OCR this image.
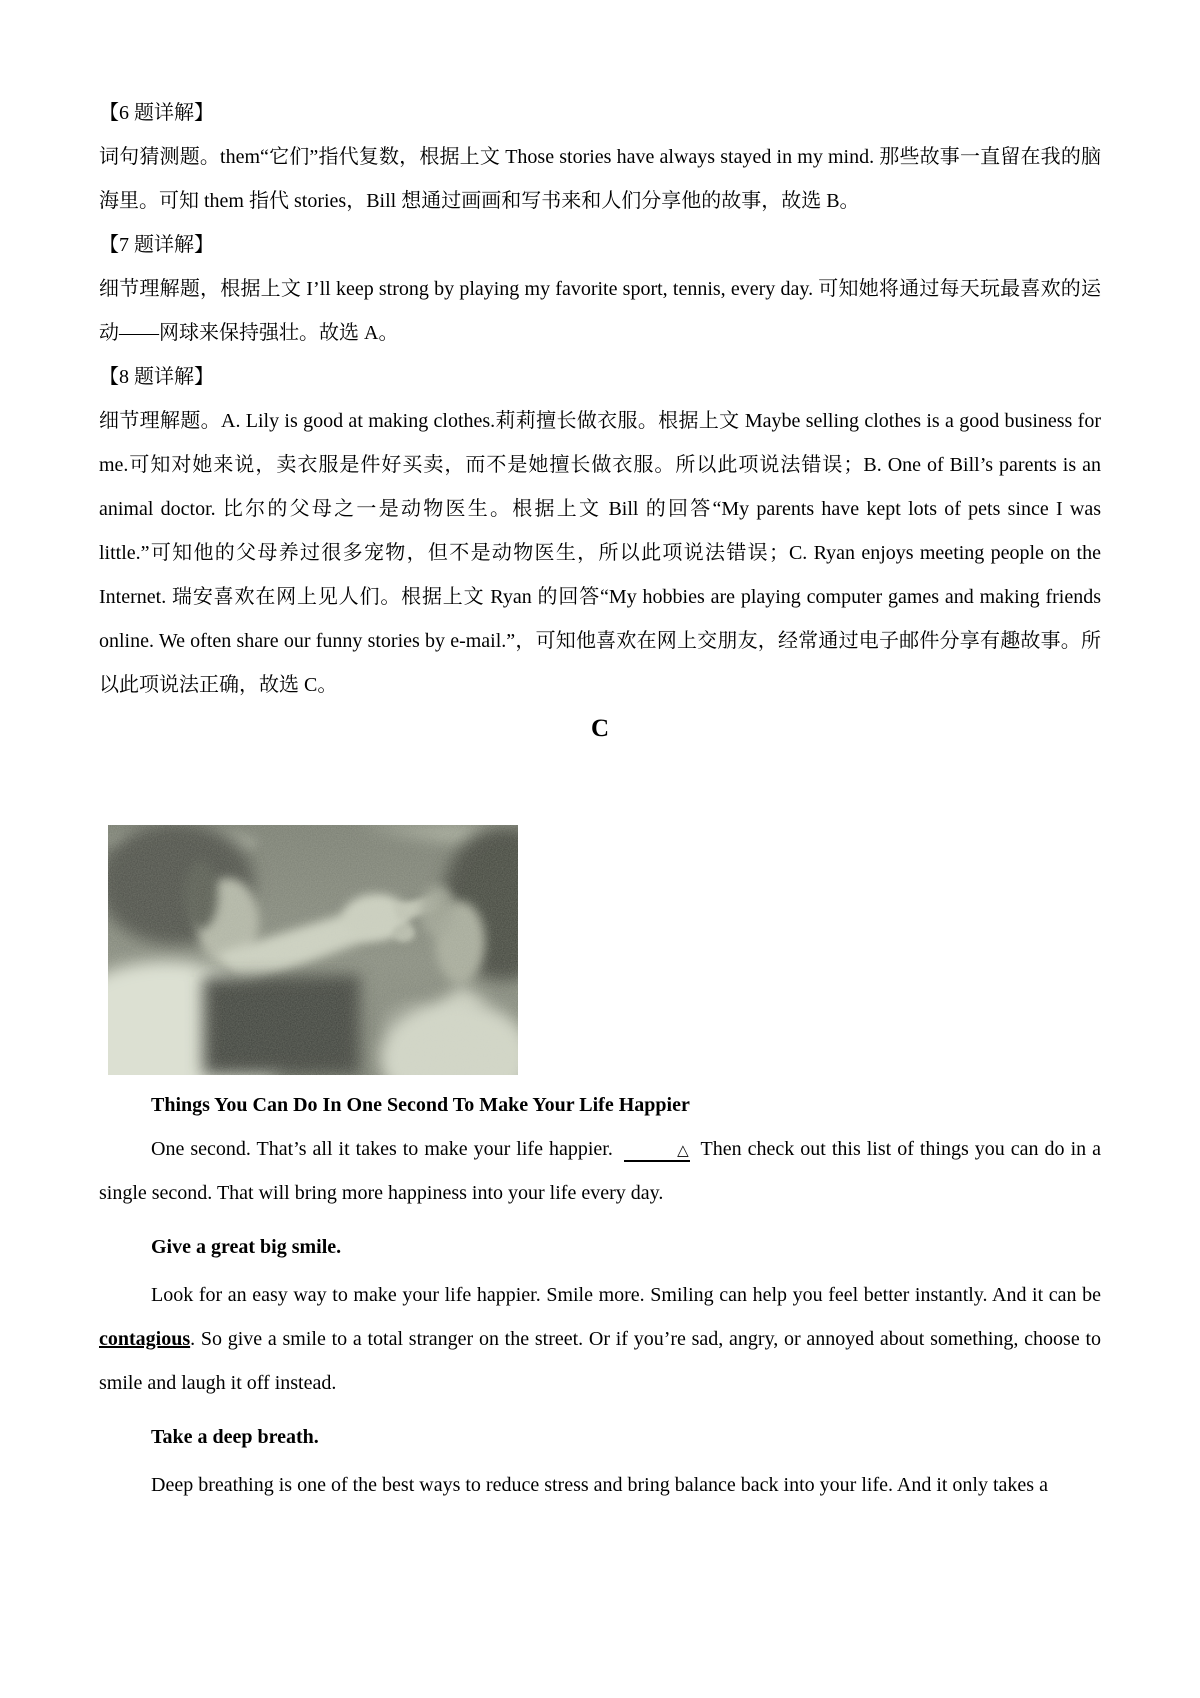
【6 题详解】

词句猜测题。them“它们”指代复数，根据上文 Those stories have always stayed in my mind. 那些故事一直留在我的脑海里。可知 them 指代 stories，Bill 想通过画画和写书来和人们分享他的故事，故选 B。

【7 题详解】

细节理解题，根据上文 I’ll keep strong by playing my favorite sport, tennis, every day. 可知她将通过每天玩最喜欢的运动——网球来保持强壮。故选 A。

【8 题详解】

细节理解题。A. Lily is good at making clothes.莉莉擅长做衣服。根据上文 Maybe selling clothes is a good business for me.可知对她来说，卖衣服是件好买卖，而不是她擅长做衣服。所以此项说法错误；B. One of Bill’s parents is an animal doctor. 比尔的父母之一是动物医生。根据上文 Bill 的回答“My parents have kept lots of pets since I was little.”可知他的父母养过很多宠物，但不是动物医生，所以此项说法错误；C. Ryan enjoys meeting people on the Internet. 瑞安喜欢在网上见人们。根据上文 Ryan 的回答“My hobbies are playing computer games and making friends online. We often share our funny stories by e-mail.”，可知他喜欢在网上交朋友，经常通过电子邮件分享有趣故事。所以此项说法正确，故选 C。

C

Things You Can Do In One Second To Make Your Life Happier

One second. That’s all it takes to make your life happier.	△ Then check out this list of things you can do in a single second. That will bring more happiness into your life every day.

Give a great big smile.

Look for an easy way to make your life happier. Smile more. Smiling can help you feel better instantly. And it can be contagious. So give a smile to a total stranger on the street. Or if you’re sad, angry, or annoyed about something, choose to smile and laugh it off instead.

Take a deep breath.

Deep breathing is one of the best ways to reduce stress and bring balance back into your life. And it only takes a
